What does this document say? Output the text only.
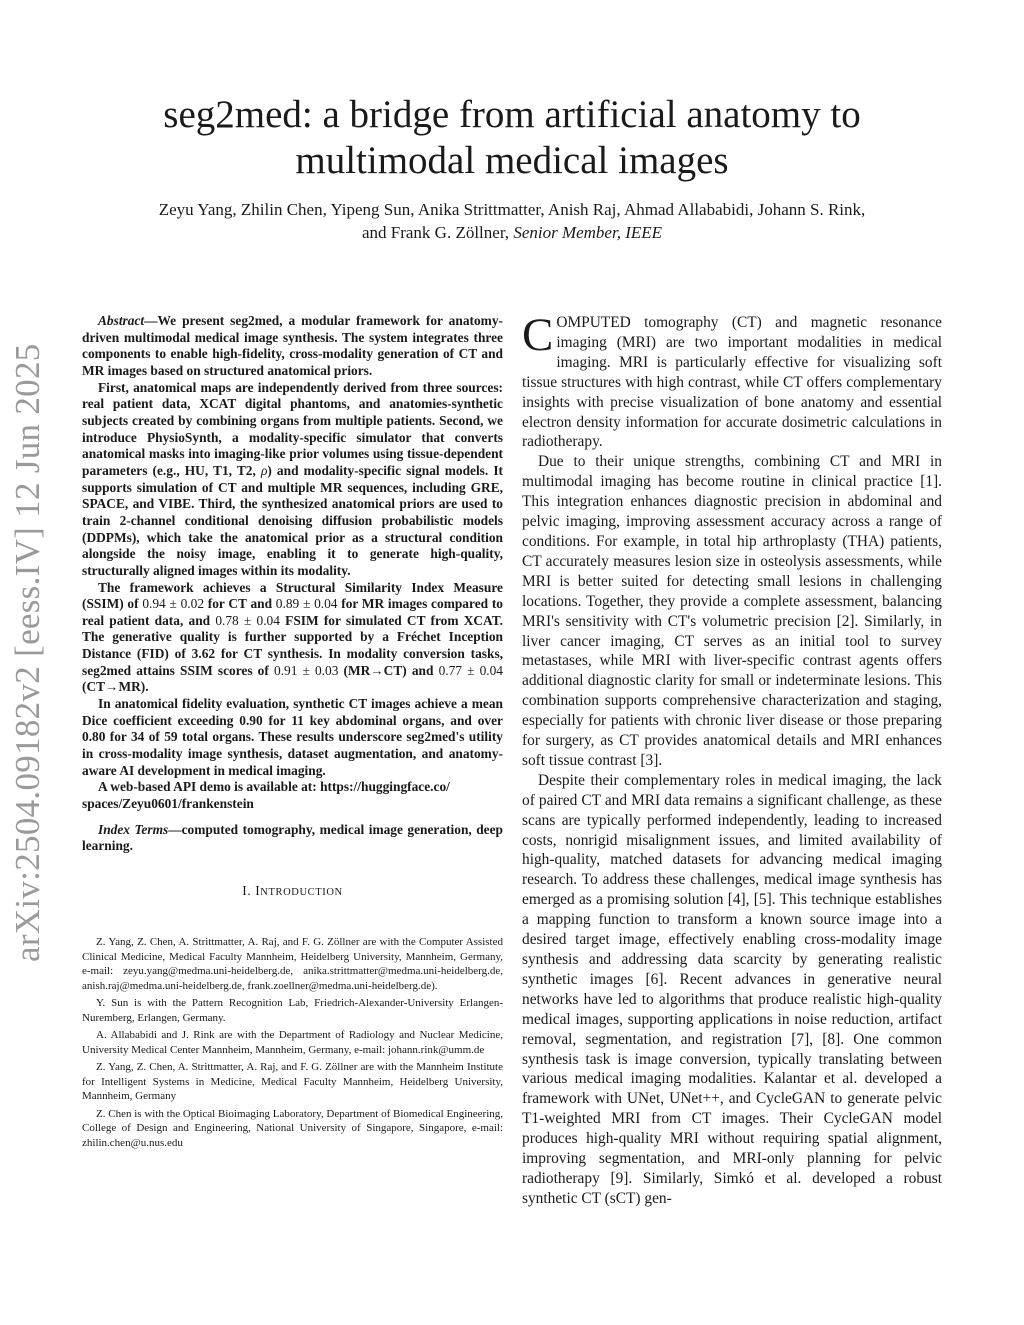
arXiv:2504.09182v2 [eess.IV] 12 Jun 2025
seg2med: a bridge from artificial anatomy to
multimodal medical images
Zeyu Yang, Zhilin Chen, Yipeng Sun, Anika Strittmatter, Anish Raj, Ahmad Allababidi, Johann S. Rink,
and Frank G. Zöllner, Senior Member, IEEE

Abstract—We present seg2med, a modular framework for anatomy-driven multimodal medical image synthesis. The system integrates three components to enable high-fidelity, cross-modality generation of CT and MR images based on structured anatomical priors.

First, anatomical maps are independently derived from three sources: real patient data, XCAT digital phantoms, and anatomies-synthetic subjects created by combining organs from multiple patients. Second, we introduce PhysioSynth, a modality-specific simulator that converts anatomical masks into imaging-like prior volumes using tissue-dependent parameters (e.g., HU, T1, T2, ρ) and modality-specific signal models. It supports simulation of CT and multiple MR sequences, including GRE, SPACE, and VIBE. Third, the synthesized anatomical priors are used to train 2-channel conditional denoising diffusion probabilistic models (DDPMs), which take the anatomical prior as a structural condition alongside the noisy image, enabling it to generate high-quality, structurally aligned images within its modality.

The framework achieves a Structural Similarity Index Measure (SSIM) of 0.94 ± 0.02 for CT and 0.89 ± 0.04 for MR images compared to real patient data, and 0.78 ± 0.04 FSIM for simulated CT from XCAT. The generative quality is further supported by a Fréchet Inception Distance (FID) of 3.62 for CT synthesis. In modality conversion tasks, seg2med attains SSIM scores of 0.91 ± 0.03 (MR→CT) and 0.77 ± 0.04 (CT→MR).

In anatomical fidelity evaluation, synthetic CT images achieve a mean Dice coefficient exceeding 0.90 for 11 key abdominal organs, and over 0.80 for 34 of 59 total organs. These results underscore seg2med's utility in cross-modality image synthesis, dataset augmentation, and anatomy-aware AI development in medical imaging.

A web-based API demo is available at: https://huggingface.co/
spaces/Zeyu0601/frankenstein

Index Terms—computed tomography, medical image generation, deep learning.

I. INTRODUCTION

Z. Yang, Z. Chen, A. Strittmatter, A. Raj, and F. G. Zöllner are with the Computer Assisted Clinical Medicine, Medical Faculty Mannheim, Heidelberg University, Mannheim, Germany, e-mail: zeyu.yang@medma.uni-heidelberg.de, anika.strittmatter@medma.uni-heidelberg.de, anish.raj@medma.uni-heidelberg.de, frank.zoellner@medma.uni-heidelberg.de).

Y. Sun is with the Pattern Recognition Lab, Friedrich-Alexander-University Erlangen-Nuremberg, Erlangen, Germany.

A. Allababidi and J. Rink are with the Department of Radiology and Nuclear Medicine, University Medical Center Mannheim, Mannheim, Germany, e-mail: johann.rink@umm.de

Z. Yang, Z. Chen, A. Strittmatter, A. Raj, and F. G. Zöllner are with the Mannheim Institute for Intelligent Systems in Medicine, Medical Faculty Mannheim, Heidelberg University, Mannheim, Germany

Z. Chen is with the Optical Bioimaging Laboratory, Department of Biomedical Engineering, College of Design and Engineering, National University of Singapore, Singapore, e-mail: zhilin.chen@u.nus.edu

COMPUTED tomography (CT) and magnetic resonance imaging (MRI) are two important modalities in medical imaging. MRI is particularly effective for visualizing soft tissue structures with high contrast, while CT offers complementary insights with precise visualization of bone anatomy and essential electron density information for accurate dosimetric calculations in radiotherapy.

Due to their unique strengths, combining CT and MRI in multimodal imaging has become routine in clinical practice [1]. This integration enhances diagnostic precision in abdominal and pelvic imaging, improving assessment accuracy across a range of conditions. For example, in total hip arthroplasty (THA) patients, CT accurately measures lesion size in osteolysis assessments, while MRI is better suited for detecting small lesions in challenging locations. Together, they provide a complete assessment, balancing MRI's sensitivity with CT's volumetric precision [2]. Similarly, in liver cancer imaging, CT serves as an initial tool to survey metastases, while MRI with liver-specific contrast agents offers additional diagnostic clarity for small or indeterminate lesions. This combination supports comprehensive characterization and staging, especially for patients with chronic liver disease or those preparing for surgery, as CT provides anatomical details and MRI enhances soft tissue contrast [3].

Despite their complementary roles in medical imaging, the lack of paired CT and MRI data remains a significant challenge, as these scans are typically performed independently, leading to increased costs, nonrigid misalignment issues, and limited availability of high-quality, matched datasets for advancing medical imaging research. To address these challenges, medical image synthesis has emerged as a promising solution [4], [5]. This technique establishes a mapping function to transform a known source image into a desired target image, effectively enabling cross-modality image synthesis and addressing data scarcity by generating realistic synthetic images [6]. Recent advances in generative neural networks have led to algorithms that produce realistic high-quality medical images, supporting applications in noise reduction, artifact removal, segmentation, and registration [7], [8]. One common synthesis task is image conversion, typically translating between various medical imaging modalities. Kalantar et al. developed a framework with UNet, UNet++, and CycleGAN to generate pelvic T1-weighted MRI from CT images. Their CycleGAN model produces high-quality MRI without requiring spatial alignment, improving segmentation, and MRI-only planning for pelvic radiotherapy [9]. Similarly, Simkó et al. developed a robust synthetic CT (sCT) gen-
